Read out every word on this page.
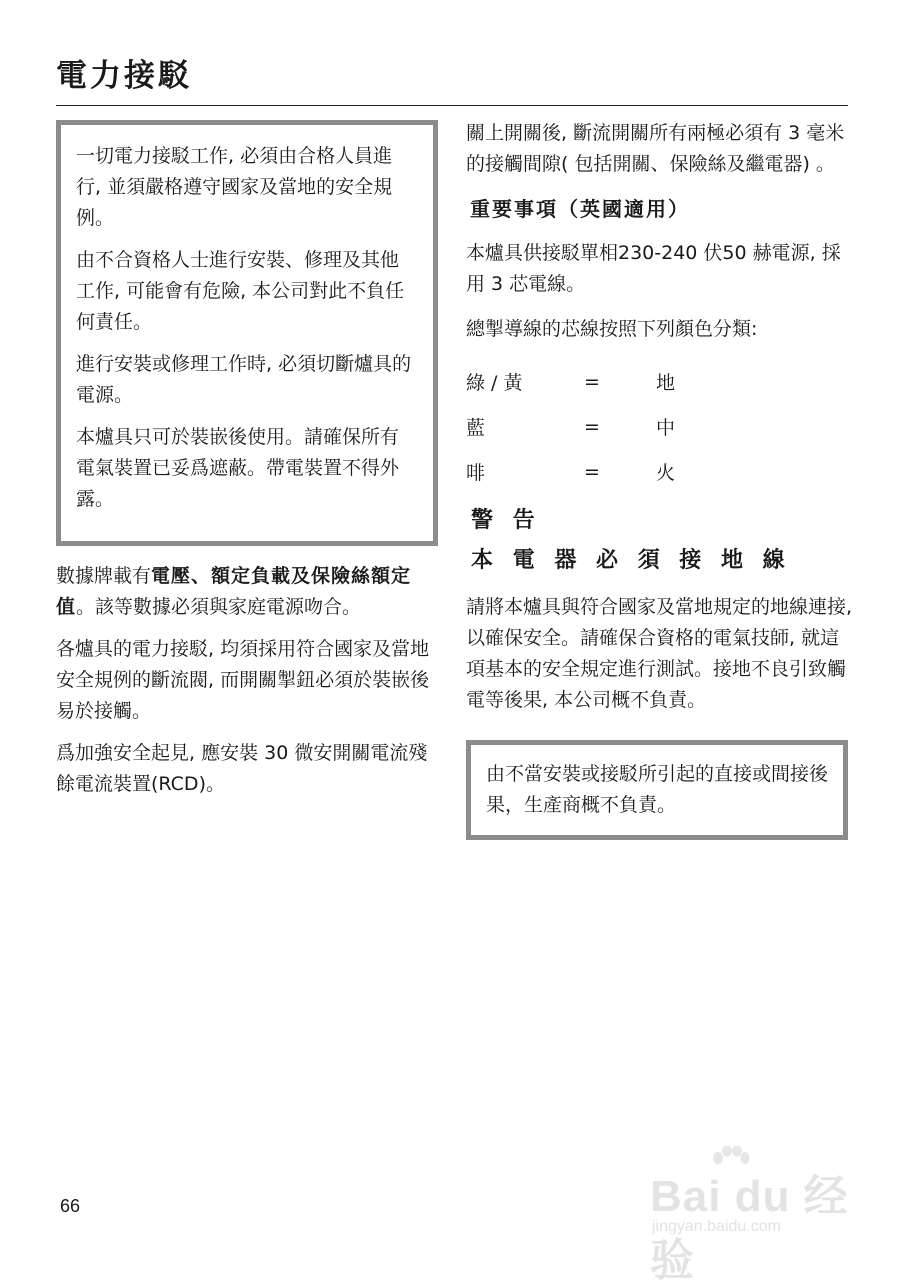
電力接駁

一切電力接駁工作, 必須由合格人員進行, 並須嚴格遵守國家及當地的安全規例。

由不合資格人士進行安裝、修理及其他工作, 可能會有危險, 本公司對此不負任何責任。

進行安裝或修理工作時, 必須切斷爐具的電源。

本爐具只可於裝嵌後使用。請確保所有電氣裝置已妥爲遮蔽。帶電裝置不得外露。

數據牌載有電壓、額定負載及保險絲額定值。該等數據必須與家庭電源吻合。

各爐具的電力接駁, 均須採用符合國家及當地安全規例的斷流閥, 而開關掣鈕必須於裝嵌後易於接觸。

爲加強安全起見, 應安裝 30 微安開關電流殘餘電流裝置(RCD)。

關上開關後, 斷流開關所有兩極必須有 3 毫米的接觸間隙( 包括開關、保險絲及繼電器) 。

重要事項（英國適用）

本爐具供接駁單相230-240 伏50 赫電源, 採用 3 芯電線。

總掣導線的芯線按照下列顏色分類:

綠 / 黃	=	地
藍	=	中
啡	=	火
警 告
本 電 器 必 須 接 地 線

請將本爐具與符合國家及當地規定的地線連接, 以確保安全。請確保合資格的電氣技師, 就這項基本的安全規定進行測試。接地不良引致觸電等後果, 本公司概不負責。

由不當安裝或接駁所引起的直接或間接後果，生產商概不負責。

66	Bai du 经验
jingyan.baidu.com
